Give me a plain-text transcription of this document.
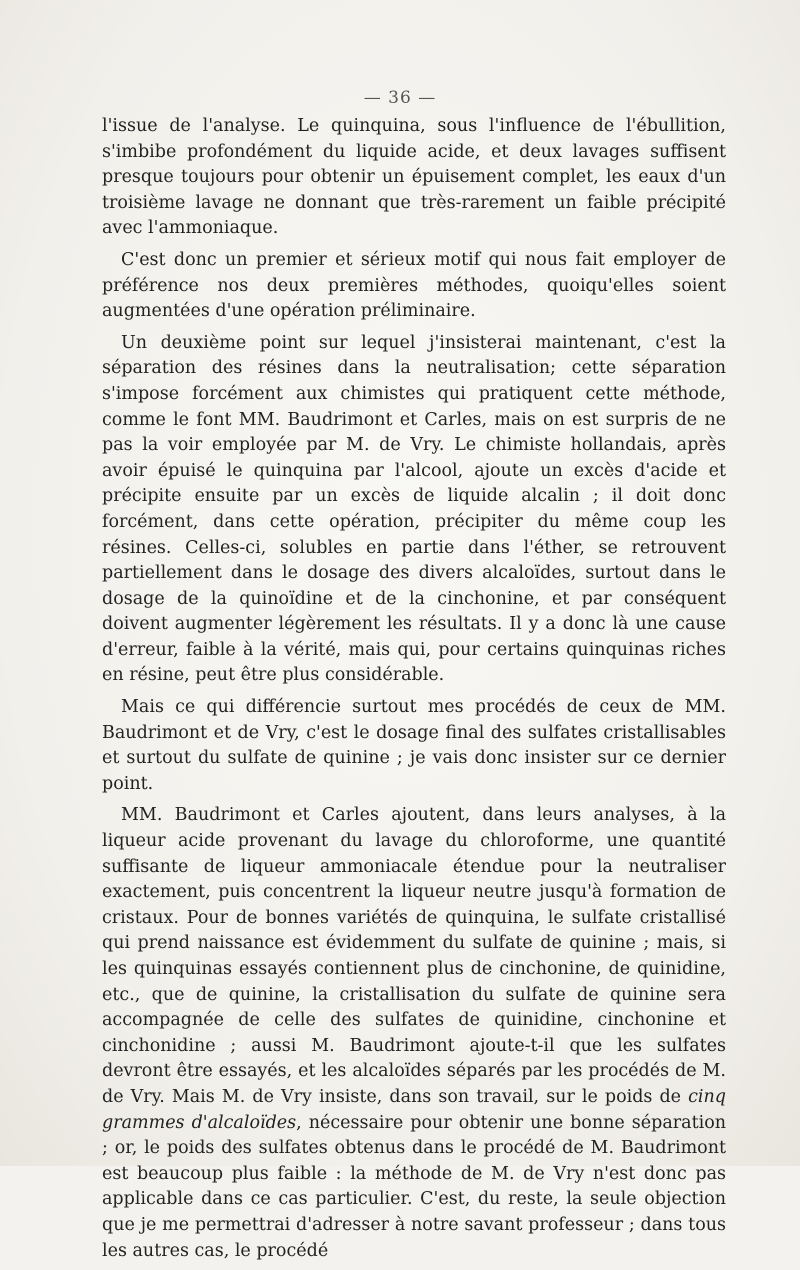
— 36 —

l'issue de l'analyse. Le quinquina, sous l'influence de l'ébullition, s'imbibe profondément du liquide acide, et deux lavages suffisent presque toujours pour obtenir un épuisement complet, les eaux d'un troisième lavage ne donnant que très-rarement un faible précipité avec l'ammoniaque.

C'est donc un premier et sérieux motif qui nous fait employer de préférence nos deux premières méthodes, quoiqu'elles soient augmentées d'une opération préliminaire.

Un deuxième point sur lequel j'insisterai maintenant, c'est la séparation des résines dans la neutralisation; cette séparation s'impose forcément aux chimistes qui pratiquent cette méthode, comme le font MM. Baudrimont et Carles, mais on est surpris de ne pas la voir employée par M. de Vry. Le chimiste hollandais, après avoir épuisé le quinquina par l'alcool, ajoute un excès d'acide et précipite ensuite par un excès de liquide alcalin ; il doit donc forcément, dans cette opération, précipiter du même coup les résines. Celles-ci, solubles en partie dans l'éther, se retrouvent partiellement dans le dosage des divers alcaloïdes, surtout dans le dosage de la quinoïdine et de la cinchonine, et par conséquent doivent augmenter légèrement les résultats. Il y a donc là une cause d'erreur, faible à la vérité, mais qui, pour certains quinquinas riches en résine, peut être plus considérable.

Mais ce qui différencie surtout mes procédés de ceux de MM. Baudrimont et de Vry, c'est le dosage final des sulfates cristallisables et surtout du sulfate de quinine ; je vais donc insister sur ce dernier point.

MM. Baudrimont et Carles ajoutent, dans leurs analyses, à la liqueur acide provenant du lavage du chloroforme, une quantité suffisante de liqueur ammoniacale étendue pour la neutraliser exactement, puis concentrent la liqueur neutre jusqu'à formation de cristaux. Pour de bonnes variétés de quinquina, le sulfate cristallisé qui prend naissance est évidemment du sulfate de quinine ; mais, si les quinquinas essayés contiennent plus de cinchonine, de quinidine, etc., que de quinine, la cristallisation du sulfate de quinine sera accompagnée de celle des sulfates de quinidine, cinchonine et cinchonidine ; aussi M. Baudrimont ajoute-t-il que les sulfates devront être essayés, et les alcaloïdes séparés par les procédés de M. de Vry. Mais M. de Vry insiste, dans son travail, sur le poids de cinq grammes d'alcaloïdes, nécessaire pour obtenir une bonne séparation ; or, le poids des sulfates obtenus dans le procédé de M. Baudrimont est beaucoup plus faible : la méthode de M. de Vry n'est donc pas applicable dans ce cas particulier. C'est, du reste, la seule objection que je me permettrai d'adresser à notre savant professeur ; dans tous les autres cas, le procédé
